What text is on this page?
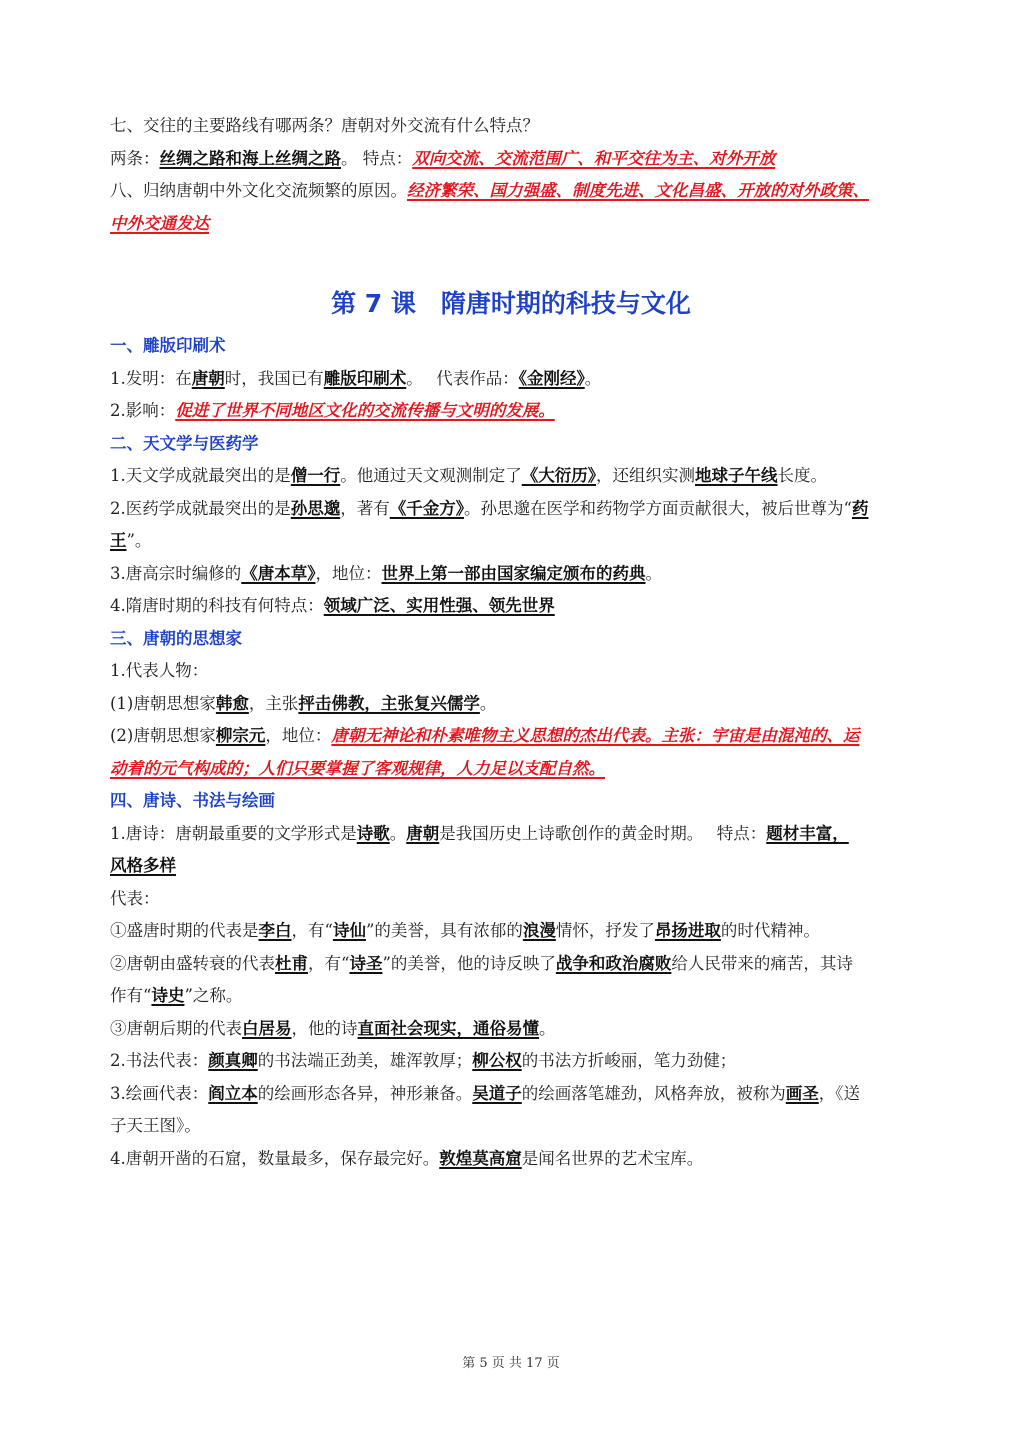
七、交往的主要路线有哪两条？唐朝对外交流有什么特点？
两条：丝绸之路和海上丝绸之路。 特点：双向交流、交流范围广、和平交往为主、对外开放
八、归纳唐朝中外文化交流频繁的原因。经济繁荣、国力强盛、制度先进、文化昌盛、开放的对外政策、
中外交通发达
第 7 课　隋唐时期的科技与文化
一、雕版印刷术
1.发明：在唐朝时，我国已有雕版印刷术。　 代表作品：《金刚经》。
2.影响：促进了世界不同地区文化的交流传播与文明的发展。
二、天文学与医药学
1.天文学成就最突出的是僧一行。他通过天文观测制定了《大衍历》，还组织实测地球子午线长度。
2.医药学成就最突出的是孙思邈，著有《千金方》。孙思邈在医学和药物学方面贡献很大，被后世尊为“药
王”。
3.唐高宗时编修的《唐本草》，地位：世界上第一部由国家编定颁布的药典。
4.隋唐时期的科技有何特点：领域广泛、实用性强、领先世界
三、唐朝的思想家
1.代表人物：
(1)唐朝思想家韩愈，主张抨击佛教，主张复兴儒学。
(2)唐朝思想家柳宗元，地位：唐朝无神论和朴素唯物主义思想的杰出代表。主张：宇宙是由混沌的、运
动着的元气构成的；人们只要掌握了客观规律，人力足以支配自然。
四、唐诗、书法与绘画
1.唐诗：唐朝最重要的文学形式是诗歌。唐朝是我国历史上诗歌创作的黄金时期。　 特点：题材丰富，
风格多样
代表：
①盛唐时期的代表是李白，有“诗仙”的美誉，具有浓郁的浪漫情怀，抒发了昂扬进取的时代精神。
②唐朝由盛转衰的代表杜甫，有“诗圣”的美誉，他的诗反映了战争和政治腐败给人民带来的痛苦，其诗
作有“诗史”之称。
③唐朝后期的代表白居易，他的诗直面社会现实，通俗易懂。
2.书法代表：颜真卿的书法端正劲美，雄浑敦厚；柳公权的书法方折峻丽，笔力劲健；
3.绘画代表：阎立本的绘画形态各异，神形兼备。吴道子的绘画落笔雄劲，风格奔放，被称为画圣，《送
子天王图》。
4.唐朝开凿的石窟，数量最多，保存最完好。敦煌莫高窟是闻名世界的艺术宝库。
第 5 页 共 17 页
